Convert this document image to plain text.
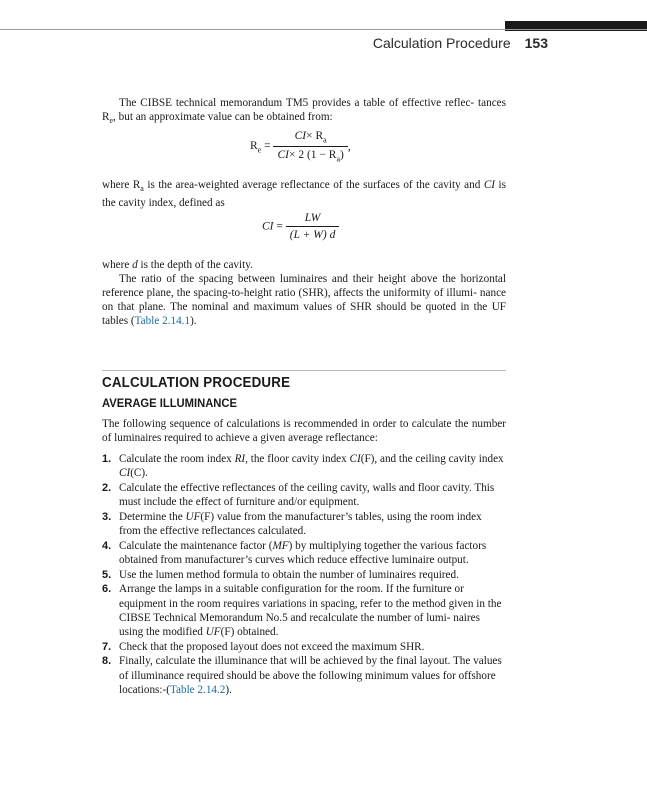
Calculation Procedure 153
The CIBSE technical memorandum TM5 provides a table of effective reflec- tances $R_e$, but an approximate value can be obtained from:
$R_e = \frac{CI\times R_a}{CI\times 2 (1 - R_a)}$ ,
where $R_a$ is the area-weighted average reflectance of the surfaces of the cavity and CI is the cavity index, defined as
CI = $\frac{LW}{(L + W) d}$
where d is the depth of the cavity.
The ratio of the spacing between luminaires and their height above the horizontal reference plane, the spacing-to-height ratio (SHR), affects the uniformity of illumi- nance on that plane. The nominal and maximum values of SHR should be quoted in the UF tables (Table 2.14.1).
CALCULATION PROCEDURE
AVERAGE ILLUMINANCE
The following sequence of calculations is recommended in order to calculate the number of luminaires required to achieve a given average reflectance:
1. Calculate the room index RI, the floor cavity index CI(F), and the ceiling cavity index CI(C).
2. Calculate the effective reflectances of the ceiling cavity, walls and floor cavity. This must include the effect of furniture and/or equipment.
3. Determine the UF(F) value from the manufacturer’s tables, using the room index from the effective reflectances calculated.
4. Calculate the maintenance factor (MF) by multiplying together the various factors obtained from manufacturer’s curves which reduce effective luminaire output.
5. Use the lumen method formula to obtain the number of luminaires required.
6. Arrange the lamps in a suitable configuration for the room. If the furniture or equipment in the room requires variations in spacing, refer to the method given in the CIBSE Technical Memorandum No.5 and recalculate the number of lumi- naires using the modified UF(F) obtained.
7. Check that the proposed layout does not exceed the maximum SHR.
8. Finally, calculate the illuminance that will be achieved by the final layout. The values of illuminance required should be above the following minimum values for offshore locations:-(Table 2.14.2).
